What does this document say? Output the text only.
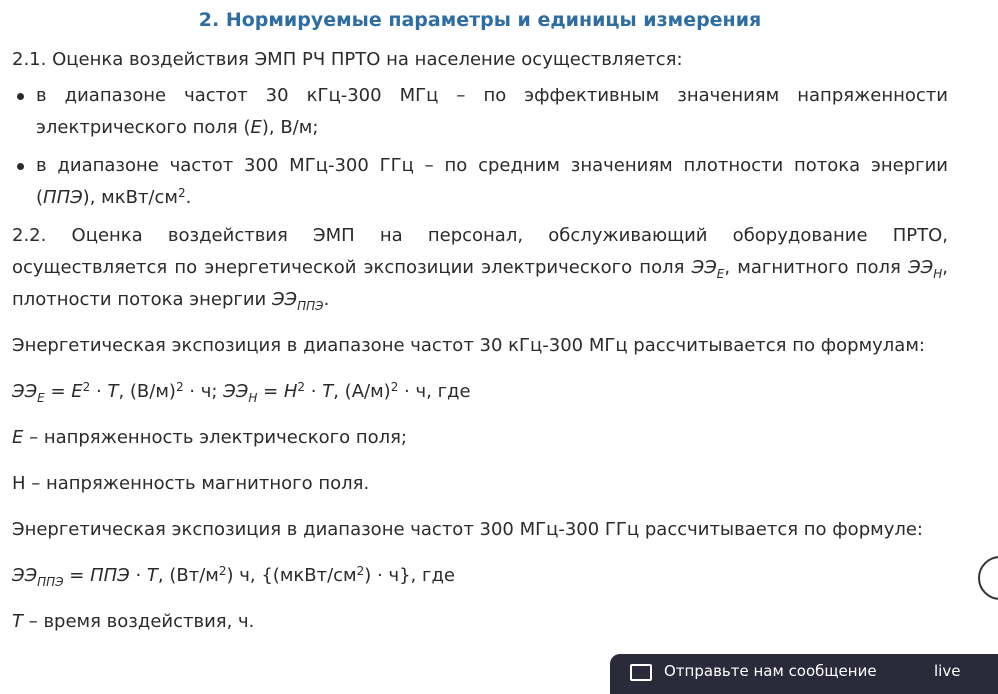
2. Нормируемые параметры и единицы измерения

2.1. Оценка воздействия ЭМП РЧ ПРТО на население осуществляется:

в диапазоне частот 30 кГц-300 МГц – по эффективным значениям напряженности электрического поля (E), В/м;
в диапазоне частот 300 МГц-300 ГГц – по средним значениям плотности потока энергии (ППЭ), мкВт/$см^2$.

2.2. Оценка воздействия ЭМП на персонал, обслуживающий оборудование ПРТО, осуществляется по энергетической экспозиции электрического поля $ЭЭ_E$, магнитного поля $ЭЭ_H$, плотности потока энергии $ЭЭ_{ППЭ}$.

Энергетическая экспозиция в диапазоне частот 30 кГц-300 МГц рассчитывается по формулам:

$ЭЭ_E = E^2 \cdot T$, $(В/м)^2 \cdot ч$; $ЭЭ_H = H^2 \cdot T$, $(А/м)^2 \cdot ч$, где

E – напряженность электрического поля;

Н – напряженность магнитного поля.

Энергетическая экспозиция в диапазоне частот 300 МГц-300 ГГц рассчитывается по формуле:

$ЭЭ_{ППЭ}$ = ППЭ · T, $(Вт/м^2)$ ч, $\{(мкВт/см^2) \cdot ч\}$, где

T – время воздействия, ч.

Отправьте нам сообщение	live
